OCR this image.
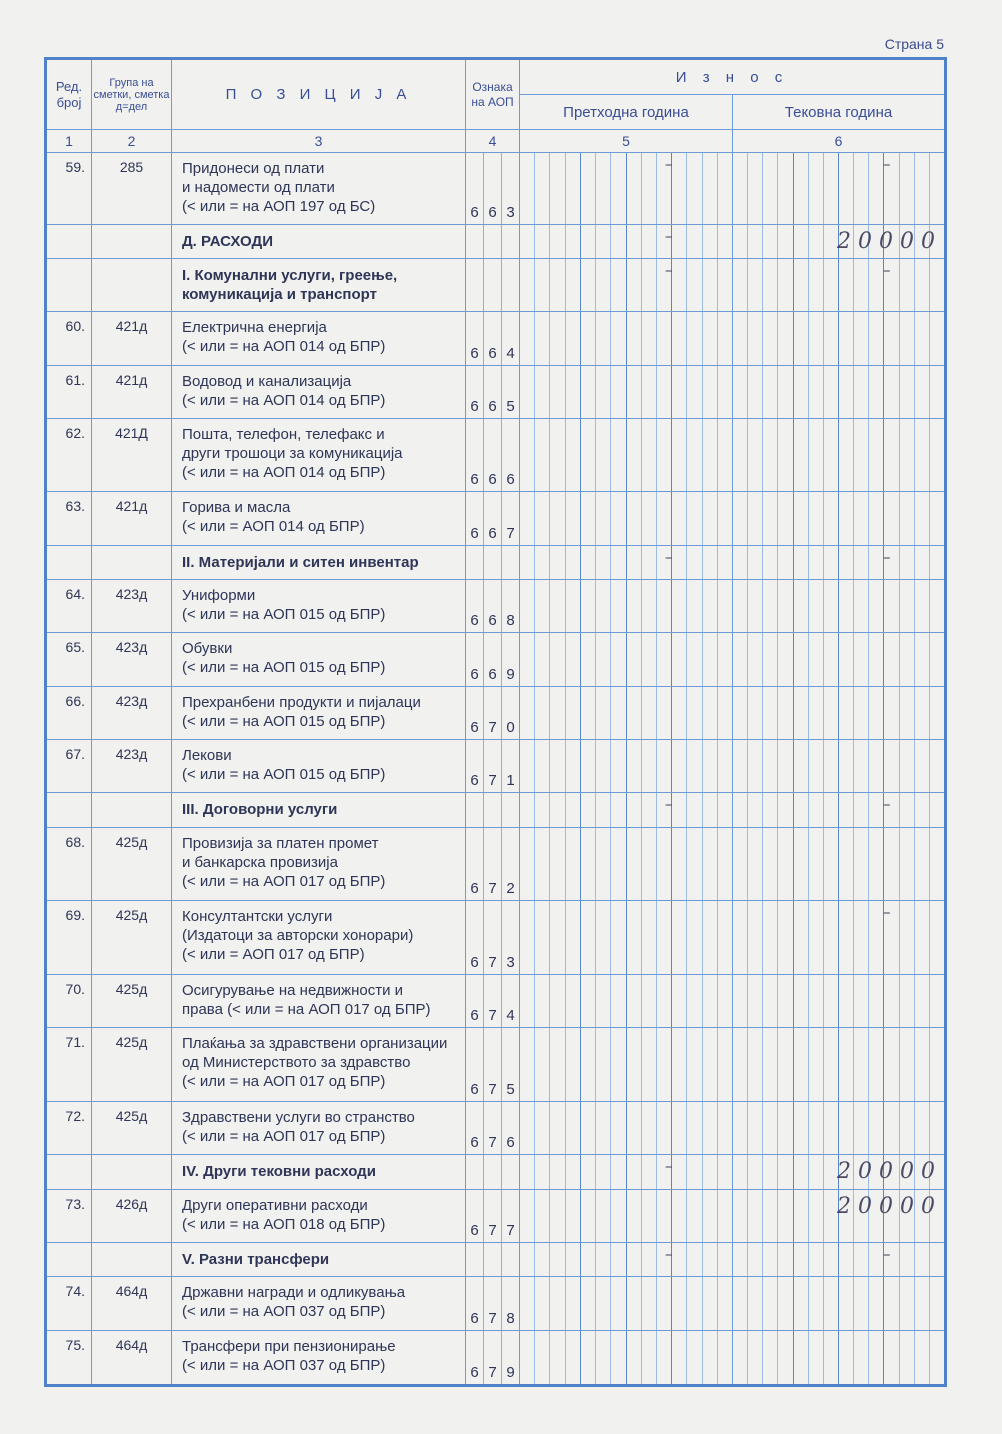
Страна 5
Ред. број	Група на сметки, сметка д=дел	П О З И Ц И Ј А	Ознака на АОП	И з н о с	
				Претходна година	Тековна година
1	2	3	4	5	6
59.	285	Придонеси од плати
и надомести од плати
(< или = на АОП 197 од БС)	6 6 3	–	–

		Д. РАСХОДИ		–	20000

		I. Комунални услуги, греење,
комуникација и транспорт		–	–

60.	421д	Електрична енергија
(< или = на АОП 014 од БПР)	6 6 4		

61.	421д	Водовод и канализација
(< или = на АОП 014 од БПР)	6 6 5		

62.	421Д	Пошта, телефон, телефакс и
други трошоци за комуникација
(< или = на АОП 014 од БПР)	6 6 6		

63.	421д	Горива и масла
(< или = АОП 014 од БПР)	6 6 7		

		II. Материјали и ситен инвентар		–	–

64.	423д	Униформи
(< или = на АОП 015 од БПР)	6 6 8		

65.	423д	Обувки
(< или = на АОП 015 од БПР)	6 6 9		

66.	423д	Прехранбени продукти и пијалаци
(< или = на АОП 015 од БПР)	6 7 0		

67.	423д	Лекови
(< или = на АОП 015 од БПР)	6 7 1		

		III. Договорни услуги		–	–

68.	425д	Провизија за платен промет
и банкарска провизија
(< или = на АОП 017 од БПР)	6 7 2		

69.	425д	Консултантски услуги
(Издатоци за авторски хонорари)
(< или = АОП 017 од БПР)	6 7 3		–

70.	425д	Осигурување на недвижности и
права (< или = на АОП 017 од БПР)	6 7 4		

71.	425д	Плаќања за здравствени организации
од Министерството за здравство
(< или = на АОП 017 од БПР)	6 7 5		

72.	425д	Здравствени услуги во странство
(< или = на АОП 017 од БПР)	6 7 6		

		IV. Други тековни расходи		–	20000

73.	426д	Други оперативни расходи
(< или = на АОП 018 од БПР)	6 7 7		20000

		V. Разни трансфери		–	–

74.	464д	Државни награди и одликувања
(< или = на АОП 037 од БПР)	6 7 8		

75.	464д	Трансфери при пензионирање
(< или = на АОП 037 од БПР)	6 7 9		
